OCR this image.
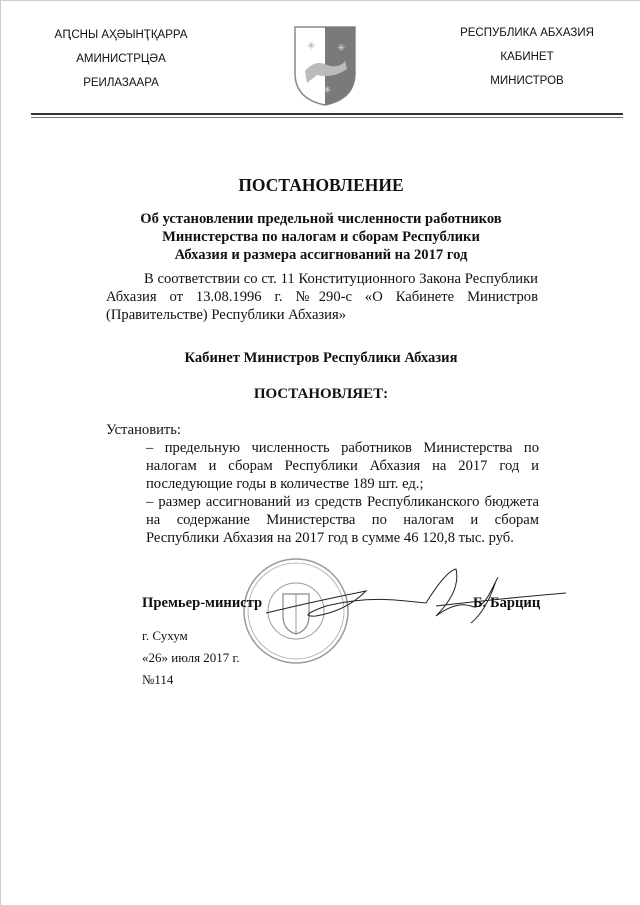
АԤСНЫ АҲӘЫНҬҚАРРА
АМИНИСТРЦӘА
РЕИЛАЗААРА
✳ ✳
✳
РЕСПУБЛИКА АБХАЗИЯ
КАБИНЕТ
МИНИСТРОВ
ПОСТАНОВЛЕНИЕ
Об установлении предельной численности работников
Министерства по налогам и сборам Республики
Абхазия и размера ассигнований на 2017 год
В соответствии со ст. 11 Конституционного Закона Республики Абхазия от 13.08.1996 г. №290-с «О Кабинете Министров (Правительстве) Республики Абхазия»
Кабинет Министров Республики Абхазия
ПОСТАНОВЛЯЕТ:
Установить:
– предельную численность работников Министерства по налогам и сборам Республики Абхазия на 2017 год и последующие годы в количестве 189 шт. ед.;
– размер ассигнований из средств Республиканского бюджета на содержание Министерства по налогам и сборам Республики Абхазия на 2017 год в сумме 46 120,8 тыс. руб.
Премьер-министр	Б. Барциц
г. Сухум
«26» июля 2017 г.
№114
